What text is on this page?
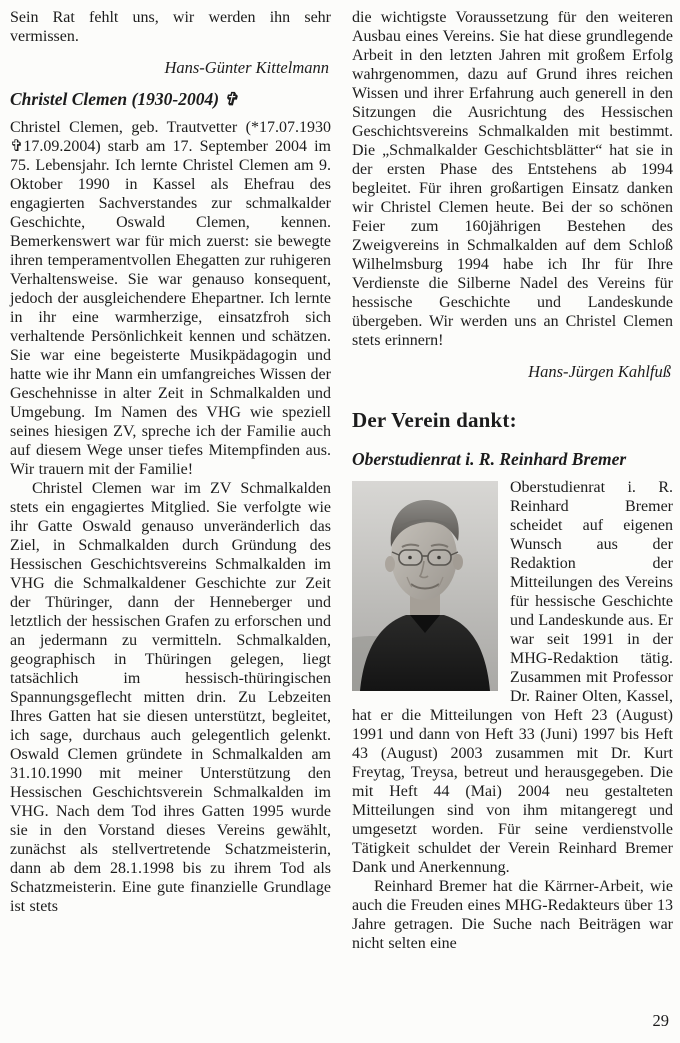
Sein Rat fehlt uns, wir werden ihn sehr vermissen.

Hans-Günter Kittelmann
Christel Clemen (1930-2004) ✞

Christel Clemen, geb. Trautvetter (*17.07.1930 ✞17.09.2004) starb am 17. September 2004 im 75. Lebensjahr. Ich lernte Christel Clemen am 9. Oktober 1990 in Kassel als Ehefrau des engagierten Sachverstandes zur schmalkalder Geschichte, Oswald Clemen, kennen. Bemerkenswert war für mich zuerst: sie bewegte ihren temperamentvollen Ehegatten zur ruhigeren Verhaltensweise. Sie war genauso konsequent, jedoch der ausgleichendere Ehepartner. Ich lernte in ihr eine warmherzige, einsatzfroh sich verhaltende Persönlichkeit kennen und schätzen. Sie war eine begeisterte Musikpädagogin und hatte wie ihr Mann ein umfangreiches Wissen der Geschehnisse in alter Zeit in Schmalkalden und Umgebung. Im Namen des VHG wie speziell seines hiesigen ZV, spreche ich der Familie auch auf diesem Wege unser tiefes Mitempfinden aus. Wir trauern mit der Familie!

Christel Clemen war im ZV Schmalkalden stets ein engagiertes Mitglied. Sie verfolgte wie ihr Gatte Oswald genauso unveränderlich das Ziel, in Schmalkalden durch Gründung des Hessischen Geschichtsvereins Schmalkalden im VHG die Schmalkaldener Geschichte zur Zeit der Thüringer, dann der Henneberger und letztlich der hessischen Grafen zu erforschen und an jedermann zu vermitteln. Schmalkalden, geographisch in Thüringen gelegen, liegt tatsächlich im hessisch-thüringischen Spannungsgeflecht mitten drin. Zu Lebzeiten Ihres Gatten hat sie diesen unterstützt, begleitet, ich sage, durchaus auch gelegentlich gelenkt. Oswald Clemen gründete in Schmalkalden am 31.10.1990 mit meiner Unterstützung den Hessischen Geschichtsverein Schmalkalden im VHG. Nach dem Tod ihres Gatten 1995 wurde sie in den Vorstand dieses Vereins gewählt, zunächst als stellvertretende Schatzmeisterin, dann ab dem 28.1.1998 bis zu ihrem Tod als Schatzmeisterin. Eine gute finanzielle Grundlage ist stets

die wichtigste Voraussetzung für den weiteren Ausbau eines Vereins. Sie hat diese grundlegende Arbeit in den letzten Jahren mit großem Erfolg wahrgenommen, dazu auf Grund ihres reichen Wissen und ihrer Erfahrung auch generell in den Sitzungen die Ausrichtung des Hessischen Geschichtsvereins Schmalkalden mit bestimmt. Die „Schmalkalder Geschichtsblätter“ hat sie in der ersten Phase des Entstehens ab 1994 begleitet. Für ihren großartigen Einsatz danken wir Christel Clemen heute. Bei der so schönen Feier zum 160jährigen Bestehen des Zweigvereins in Schmalkalden auf dem Schloß Wilhelmsburg 1994 habe ich Ihr für Ihre Verdienste die Silberne Nadel des Vereins für hessische Geschichte und Landeskunde übergeben. Wir werden uns an Christel Clemen stets erinnern!

Hans-Jürgen Kahlfuß
Der Verein dankt:
Oberstudienrat i. R. Reinhard Bremer

Oberstudienrat i. R. Reinhard Bremer scheidet auf eigenen Wunsch aus der Redaktion der Mitteilungen des Vereins für hessische Geschichte und Landeskunde aus. Er war seit 1991 in der MHG-Redaktion tätig. Zusammen mit Professor Dr. Rainer Olten, Kassel, hat er die Mitteilungen von Heft 23 (August) 1991 und dann von Heft 33 (Juni) 1997 bis Heft 43 (August) 2003 zusammen mit Dr. Kurt Freytag, Treysa, betreut und herausgegeben. Die mit Heft 44 (Mai) 2004 neu gestalteten Mitteilungen sind von ihm mitangeregt und umgesetzt worden. Für seine verdienstvolle Tätigkeit schuldet der Verein Reinhard Bremer Dank und Anerkennung.

Reinhard Bremer hat die Kärrner-Arbeit, wie auch die Freuden eines MHG-Redakteurs über 13 Jahre getragen. Die Suche nach Beiträgen war nicht selten eine

29
